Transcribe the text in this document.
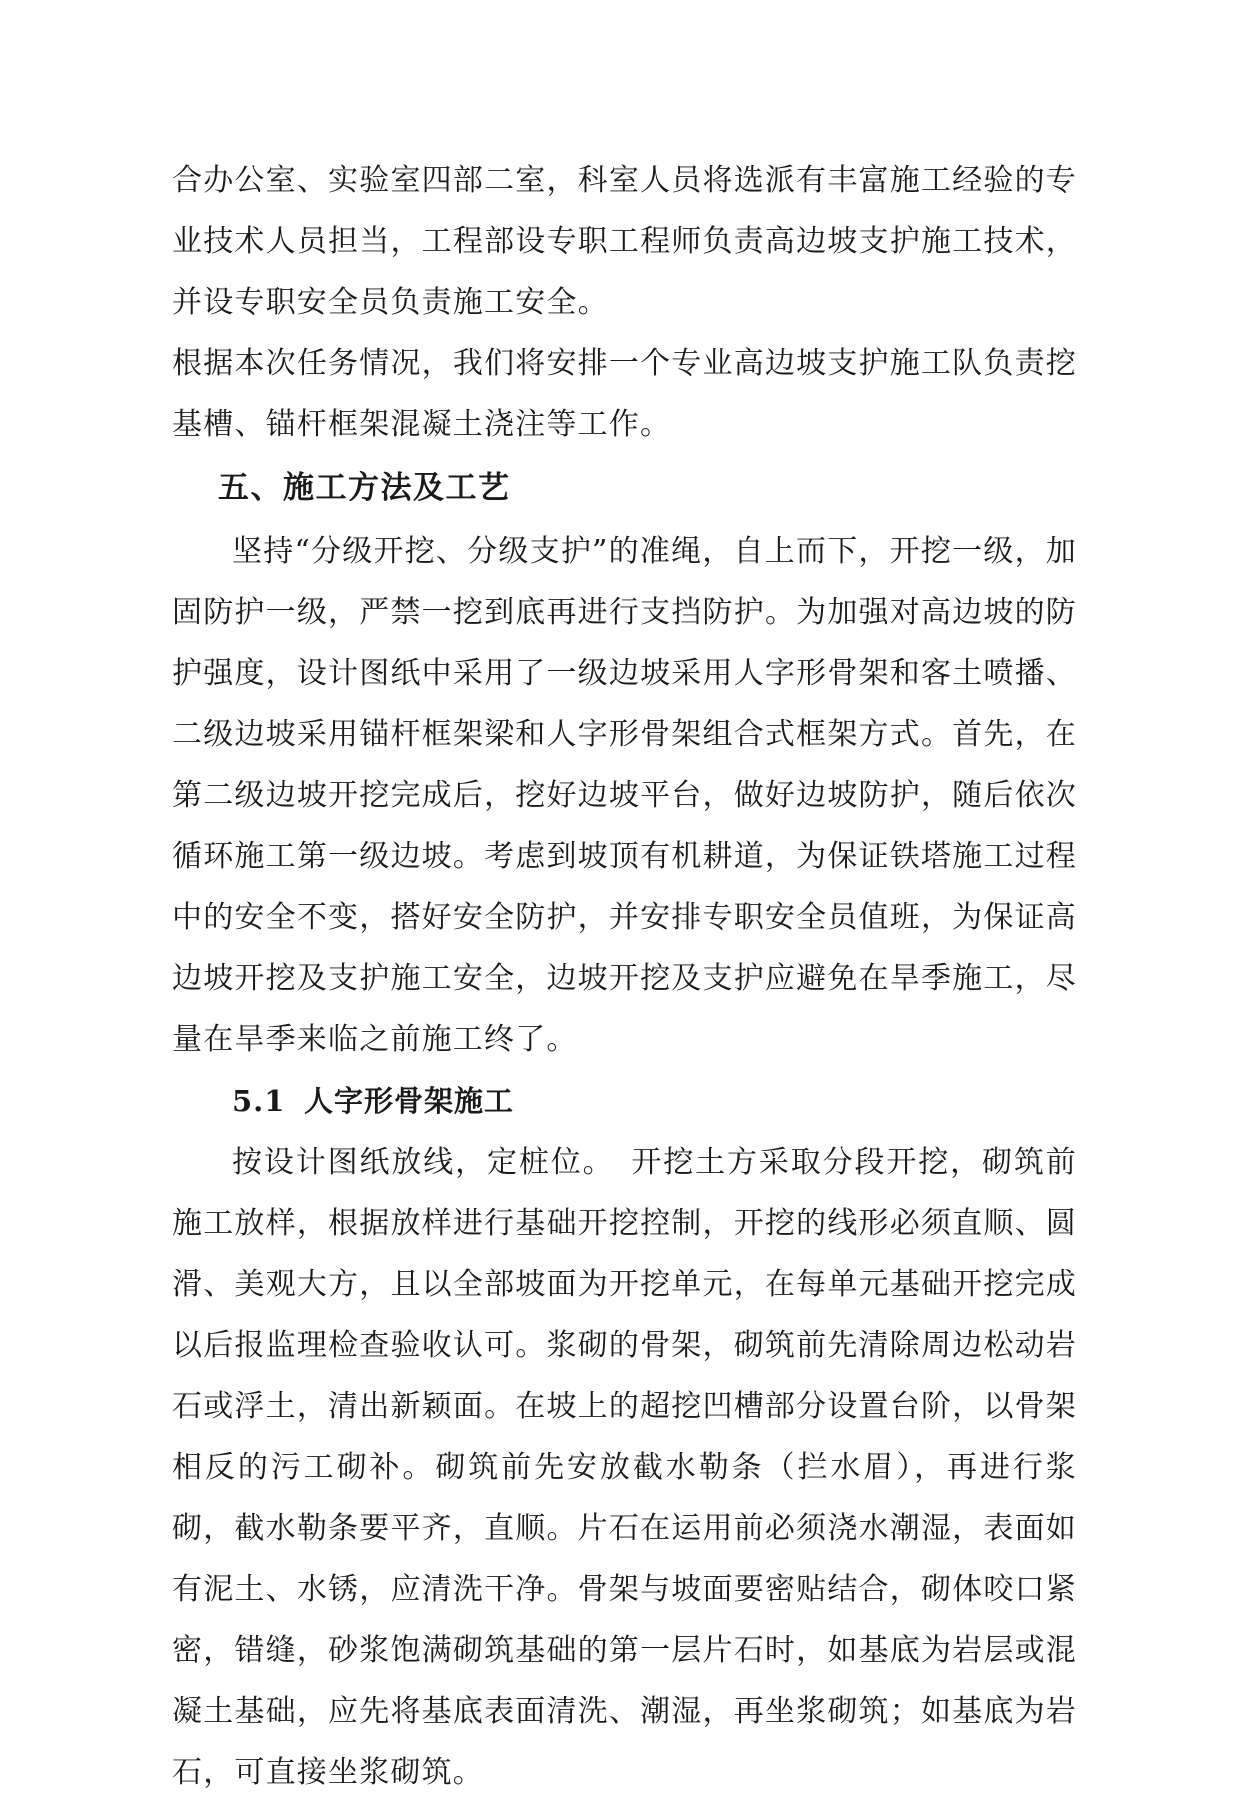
合办公室、实验室四部二室，科室人员将选派有丰富施工经验的专业技术人员担当，工程部设专职工程师负责高边坡支护施工技术，并设专职安全员负责施工安全。

根据本次任务情况，我们将安排一个专业高边坡支护施工队负责挖基槽、锚杆框架混凝土浇注等工作。

五、施工方法及工艺

坚持“分级开挖、分级支护”的准绳，自上而下，开挖一级，加固防护一级，严禁一挖到底再进行支挡防护。为加强对高边坡的防护强度，设计图纸中采用了一级边坡采用人字形骨架和客土喷播、二级边坡采用锚杆框架梁和人字形骨架组合式框架方式。首先，在第二级边坡开挖完成后，挖好边坡平台，做好边坡防护，随后依次循环施工第一级边坡。考虑到坡顶有机耕道，为保证铁塔施工过程中的安全不变，搭好安全防护，并安排专职安全员值班，为保证高边坡开挖及支护施工安全，边坡开挖及支护应避免在旱季施工，尽量在旱季来临之前施工终了。

5.1 人字形骨架施工

按设计图纸放线，定桩位。　开挖土方采取分段开挖，砌筑前施工放样，根据放样进行基础开挖控制，开挖的线形必须直顺、圆滑、美观大方，且以全部坡面为开挖单元，在每单元基础开挖完成以后报监理检查验收认可。浆砌的骨架，砌筑前先清除周边松动岩石或浮土，清出新颖面。在坡上的超挖凹槽部分设置台阶，以骨架相反的污工砌补。砌筑前先安放截水勒条（拦水眉），再进行浆砌，截水勒条要平齐，直顺。片石在运用前必须浇水潮湿，表面如有泥土、水锈，应清洗干净。骨架与坡面要密贴结合，砌体咬口紧密，错缝，砂浆饱满砌筑基础的第一层片石时，如基底为岩层或混凝土基础，应先将基底表面清洗、潮湿，再坐浆砌筑；如基底为岩石，可直接坐浆砌筑。
